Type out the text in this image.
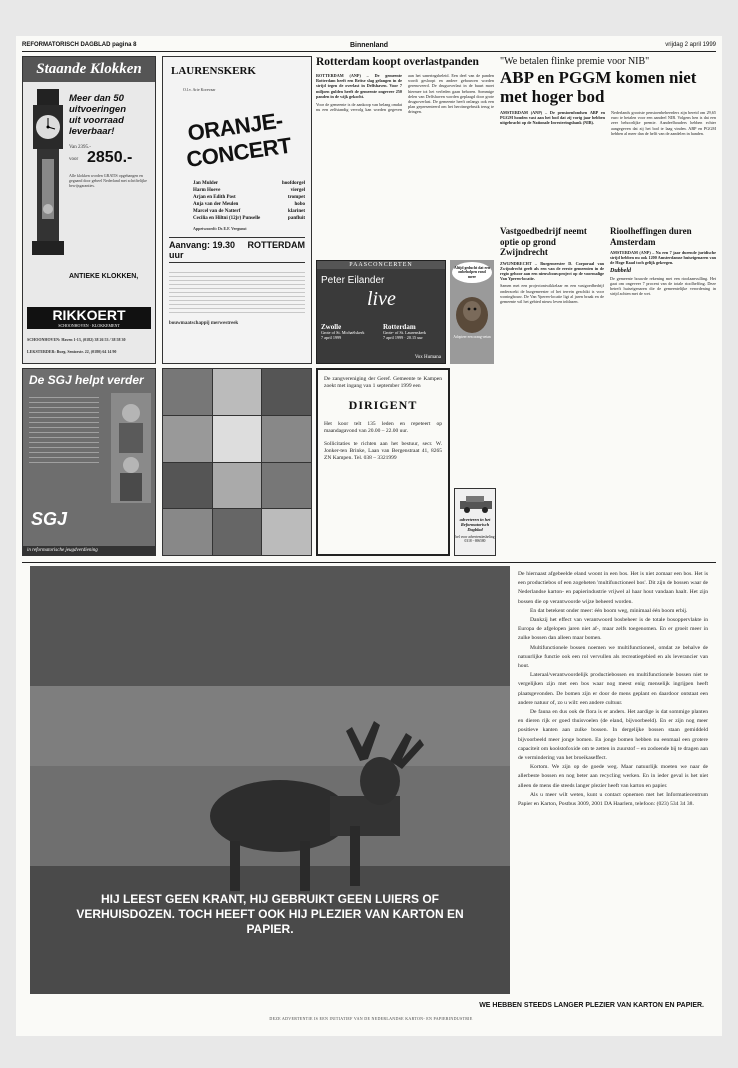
REFORMATORISCH DAGBLAD pagina 8	Binnenland	vrijdag 2 april 1999
Staande Klokken
Meer dan 50
uitvoeringen
uit voorraad
leverbaar!
Van 2395.-
voor 2850.-
Alle klokken worden GRATIS opgehangen en gegaand door geheel Nederland met schriftelijke bewijsgaranties.
ANTIEKE KLOKKEN,
RIKKOERT
SCHOONHOVEN · KLOKKEMENT
SCHOONHOVEN: Haven 1-13, (0182) 38 26 53 / 38 58 30
LEKSTERDER: Burg. Seniorstr. 22, (0180) 64 14 90
LAURENSKERK
O.l.v. Arie Korevaar
ORANJE-CONCERT
Jan Mulder	hoofdorgel
Harm Hoeve	viergel
Arjan en Edith Post	trompet
Anja van der Meulen	hobo
Marcel van de Natterf	klarinet
Cecilia en Hiltni (12jr) Punselle	panfluit
Appetwoordt: Ds E.F. Vergunst
Aanvang: 19.30 uur
ROTTERDAM
bouwmaatschappij merwestreek
Rotterdam koopt overlastpanden

ROTTERDAM (ANP) – De gemeente Rotterdam heeft een Britse slag gelangen in de strijd tegen de overlast in Delfshaven. Voor 7 miljoen gulden heeft de gemeente ongeveer 250 panden in de wijk gekocht.

Voor de gemeente is de aankoop van belang omdat nu een zelfstandig vervolg kan worden gegeven aan het saneringsbeleid. Een deel van de panden wordt gesloopt en andere gebouwen worden gerenoveerd. De drugsoverlast in de buurt moet hiermee tot het verleden gaan behoren. Sommige delen van Delfshaven worden geplaagd door grote drugsoverlast. De gemeente heeft onlangs ook een plan gepresenteerd om het heroïnegebruik terug te dringen.

PAASCONCERTEN
Peter Eilander
live
Zwolle
Grote of St. Michaëlskerk
7 april 1999
Rotterdam
Grote- of St. Laurenskerk
7 april 1999 · 20.15 uur
Vox Humana
Altijd geducht dat een onbeholpen rond meer
Adopteer een orang-oetan
"We betalen flinke premie voor NIB"
ABP en PGGM komen niet met hoger bod

AMSTERDAM (ANP) – De pensioenfondsen ABP en PGGM houden vast aan het bod dat zij vorig jaar hebben uitgebracht op de Nationale Investeringsbank (NIB).

Nederlands grootste pensioenbeheerders zijn bereid om 29,65 euro te betalen voor een aandeel NIB. Volgens hen is dat een zeer behoorlijke premie. Aandeelhouders hebben echter aangegeven dat zij het bod te laag vinden. ABP en PGGM hebben al meer dan de helft van de aandelen in handen.

Vastgoedbedrijf neemt optie op grond Zwijndrecht

ZWIJNDRECHT – Burgemeester D. Corporaal van Zwijndrecht geeft als een van de eerste gemeenten in de regio gehoor aan een nieuwbouwproject op de voormalige Van Yperen-locatie.

Samen met een projectontwikkelaar en een vastgoedbedrijf onderzoekt de burgemeester of het terrein geschikt is voor woningbouw. De Van Yperen-locatie ligt al jaren braak en de gemeente wil het gebied nieuw leven inblazen.

Rioolheffingen duren Amsterdam

AMSTERDAM (ANP) – Na een 7 jaar durende juridische strijd hebben nu ook 1200 Amsterdamse huiseigenaren van de Hoge Raad toch gelijk gekregen.

Dubbeld

De gemeente bouwde rekening met een rioolaanvulling. Het gaat om ongeveer 7 procent van de totale rioolheffing. Deze betreft huiseigenaren die de gemeentelijke verordening in strijd achten met de wet.

De SGJ helpt verder
SGJ
in reformatorische jeugdverdiening

De zangvereniging der Geref. Gemeente te Kampen zoekt met ingang van 1 september 1999 een

DIRIGENT

Het koor telt 135 leden en repeteert op maandagavond van 20.00 – 22.00 uur.

Sollicitaties te richten aan het bestuur, secr. W. Jonker-ten Brinke, Laan van Bergenstraat 41, 8265 ZN Kampen. Tel. 038 – 3321999

adverteren in het Reformatorisch Dagblad
bel voor advertentiesheling 0318 - 696580
HIJ LEEST GEEN KRANT, HIJ GEBRUIKT GEEN LUIERS OF VERHUISDOZEN. TOCH HEEFT OOK HIJ PLEZIER VAN KARTON EN PAPIER.

De hiernaast afgebeelde eland woont in een bos. Het is niet zomaar een bos. Het is een productiebos of een zogeheten 'multifunctioneel bos'. Dit zijn de bossen waar de Nederlandse karton- en papierindustrie vrijwel al haar hout vandaan haalt. Het zijn bossen die op verantwoorde wijze beheerd worden.

En dat betekent onder meer: één boom weg, minimaal één boom erbij.

Dankzij het effect van verantwoord bosbeheer is de totale bosoppervlakte in Europa de afgelopen jaren niet af-, maar zelfs toegenomen. En er groeit meer in zulke bossen dan alleen maar bomen.

Multifunctionele bossen noemen we multifunctioneel, omdat ze behalve de natuurlijke functie ook een rol vervullen als recreatiegebied en als leverancier van hout.

Lateraal/verantwoordelijk productiebossen en multifunctionele bossen niet te vergelijken zijn met een bos waar nog meest enig menselijk ingrijpen heeft plaatsgevonden. De bomen zijn er door de mens geplant en daardoor ontstaat een andere natuur of, zo u wilt: een andere cultuur.

De fauna en dus ook de flora is er anders. Het aardige is dat sommige planten en dieren rijk er goed thuisvoelen (de eland, bijvoorbeeld). En er zijn nog meer positieve kanten aan zulke bossen. In dergelijke bossen staan gemiddeld bijvoorbeeld meer jonge bomen. En jonge bomen hebben nu eenmaal een grotere capaciteit om koolstofoxide om te zetten in zuurstof – en zodoende bij te dragen aan de vermindering van het broeikaseffect.

Kortom. We zijn op de goede weg. Maar natuurlijk moeten we naar de allerbeste bossen en nog beter aan recycling werken. En in ieder geval is het niet alleen de mens die steeds langer plezier heeft van karton en papier.

Als u meer wilt weten, kunt u contact opnemen met het Informatiecentrum Papier en Karton, Postbus 3009, 2001 DA Haarlem, telefoon: (023) 534 34 38.

WE HEBBEN STEEDS LANGER PLEZIER VAN KARTON EN PAPIER.
DEZE ADVERTENTIE IS EEN INITIATIEF VAN DE NEDERLANDSE KARTON- EN PAPIERINDUSTRIE
